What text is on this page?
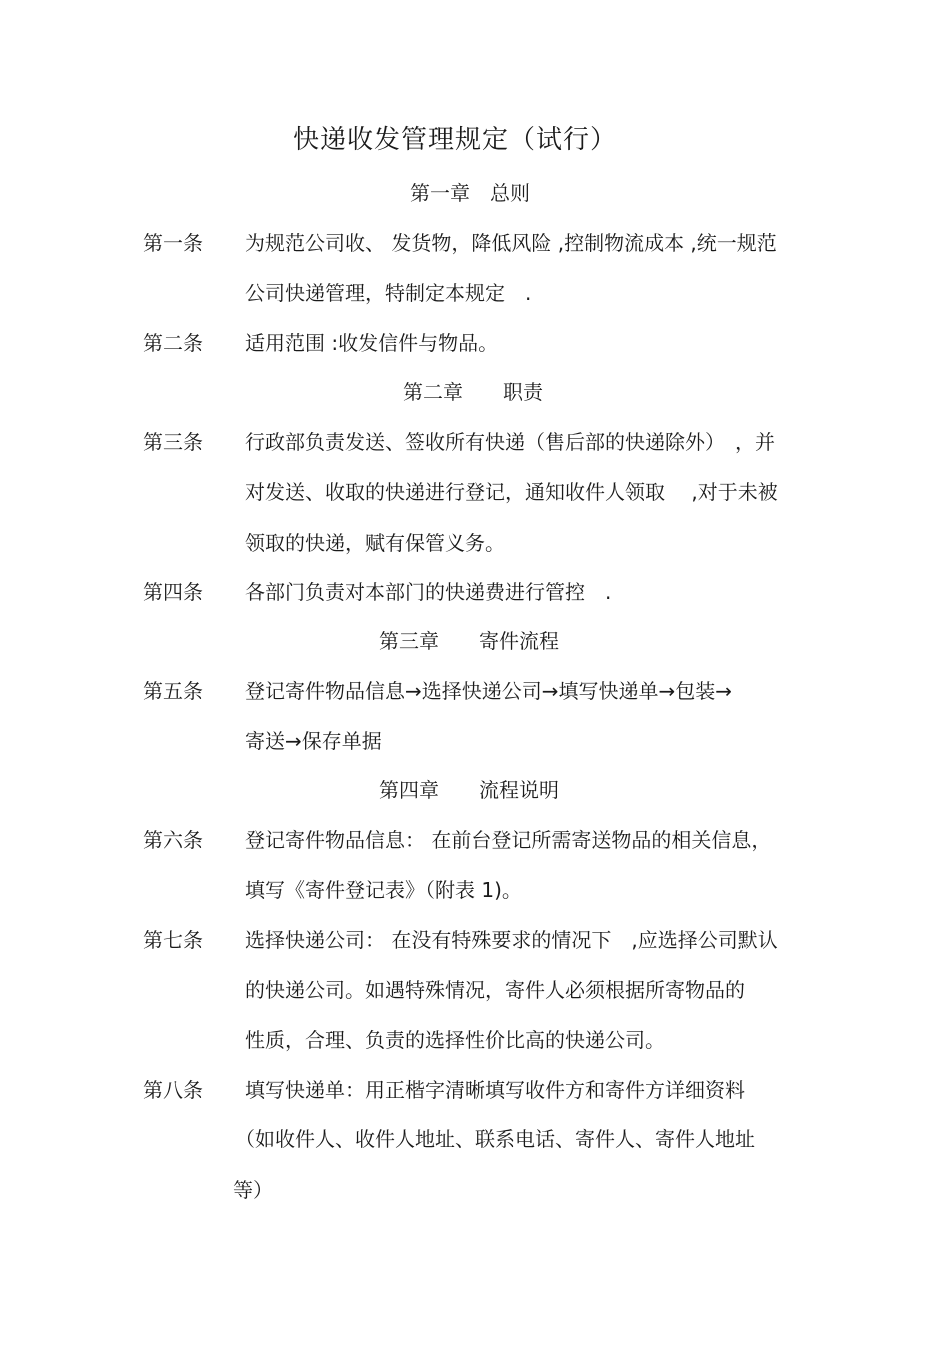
快递收发管理规定（试行）
第一章　总则
第一条 为规范公司收、 发货物，降低风险 ,控制物流成本 ,统一规范
公司快递管理，特制定本规定　.
第二条 适用范围 :收发信件与物品。
第二章　　职责
第三条 行政部负责发送、签收所有快递（售后部的快递除外）　，并
对发送、收取的快递进行登记，通知收件人领取　 ,对于未被
领取的快递，赋有保管义务。
第四条 各部门负责对本部门的快递费进行管控　.
第三章　　寄件流程
第五条 登记寄件物品信息→选择快递公司→填写快递单→包装→
寄送→保存单据
第四章　　流程说明
第六条 登记寄件物品信息： 在前台登记所需寄送物品的相关信息，
填写《寄件登记表》（附表 1)。
第七条 选择快递公司： 在没有特殊要求的情况下　,应选择公司默认
的快递公司。如遇特殊情况，寄件人必须根据所寄物品的
性质，合理、负责的选择性价比高的快递公司。
第八条 填写快递单：用正楷字清晰填写收件方和寄件方详细资料
（如收件人、收件人地址、联系电话、寄件人、寄件人地址
等）
